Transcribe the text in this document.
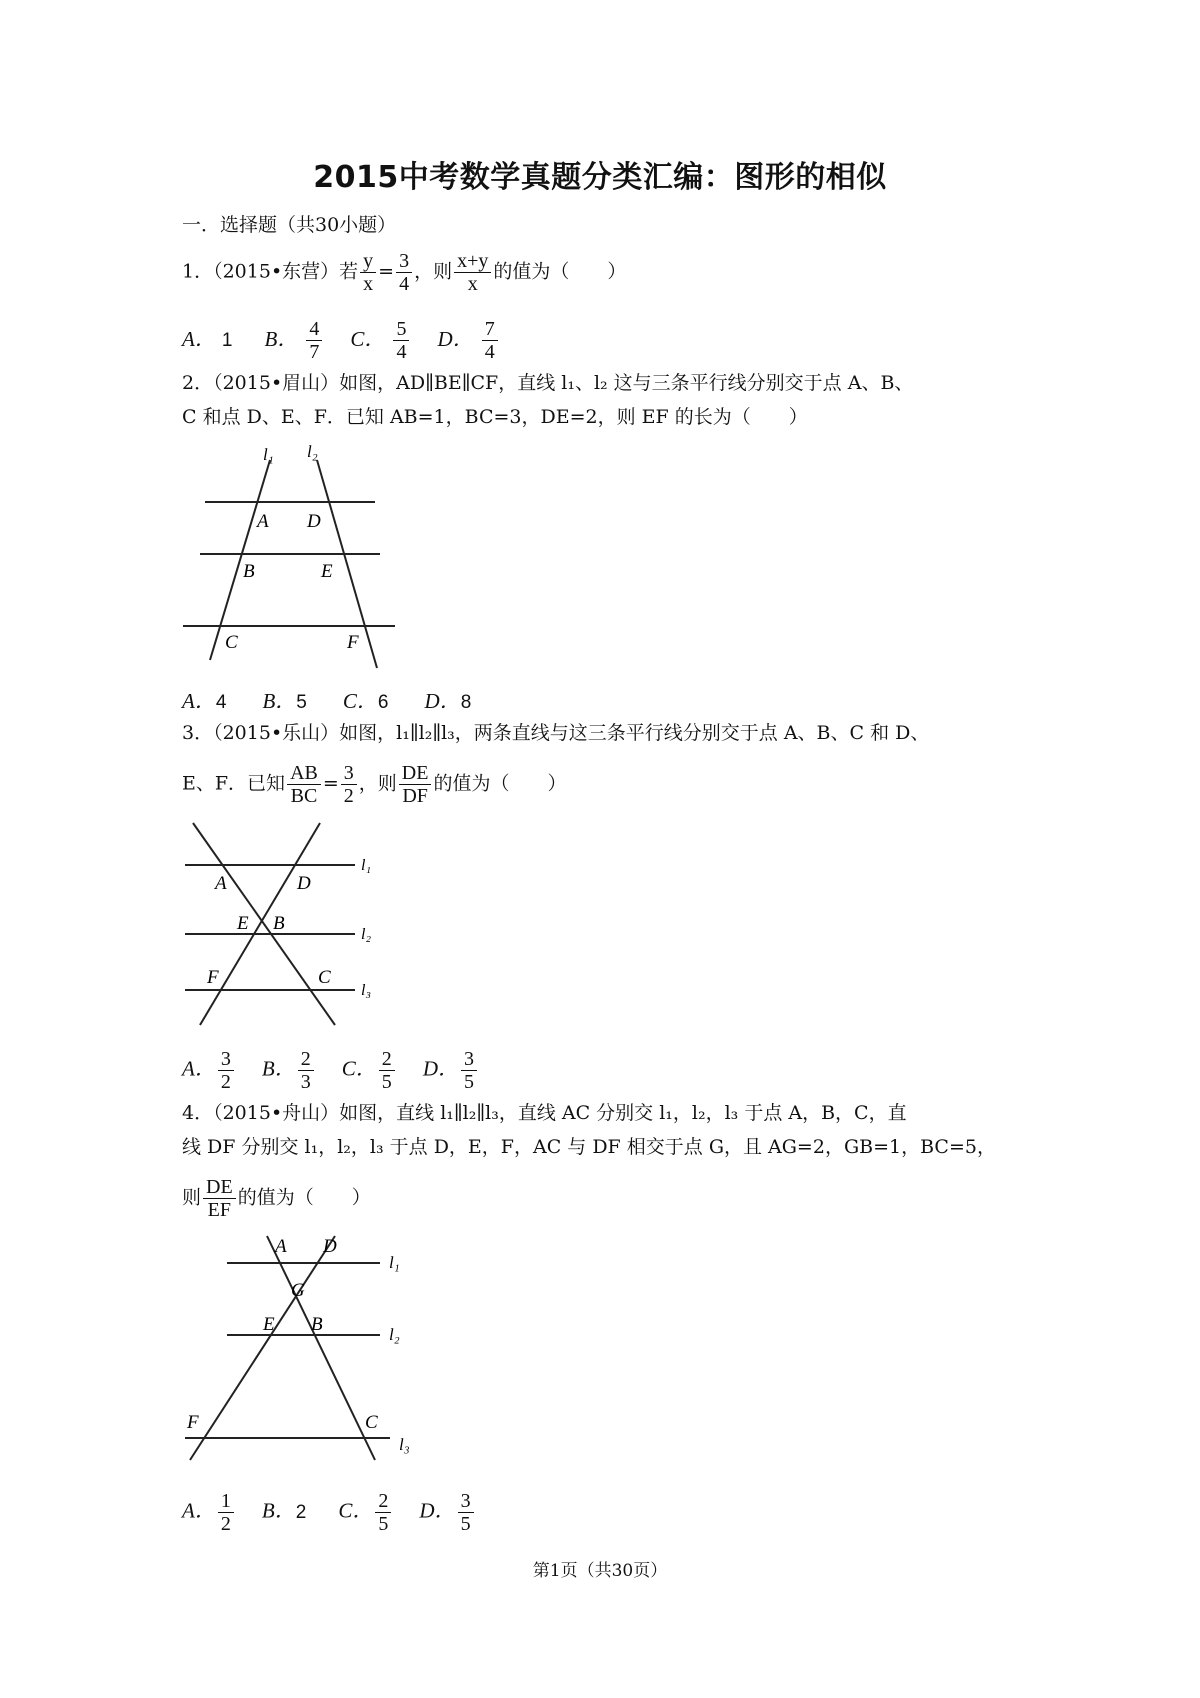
2015中考数学真题分类汇编：图形的相似
一．选择题（共30小题）
1．（2015•东营）若 $\frac{y}{x} = \frac{3}{4}$ ，则 $\frac{x+y}{x}$ 的值为（　　）
A． 1 B． $\frac{4}{7}$ C． $\frac{5}{4}$ D． $\frac{7}{4}$
2．（2015•眉山）如图，AD∥BE∥CF，直线 l₁、l₂ 这与三条平行线分别交于点 A、B、
C 和点 D、E、F．已知 AB=1，BC=3，DE=2，则 EF 的长为（　　）
l₁ l₂
A D
B	E
C	F
A．4 B．5 C．6 D．8
3．（2015•乐山）如图，l₁∥l₂∥l₃，两条直线与这三条平行线分别交于点 A、B、C 和 D、
E、F．已知 $\frac{AB}{BC} = \frac{3}{2}$ ，则 $\frac{DE}{DF}$ 的值为（　　）
A	D
E B
F	C
l₁
l₂
l₃
A． $\frac{3}{2}$ B． $\frac{2}{3}$ C． $\frac{2}{5}$ D． $\frac{3}{5}$
4．（2015•舟山）如图，直线 l₁∥l₂∥l₃，直线 AC 分别交 l₁，l₂，l₃ 于点 A，B，C，直
线 DF 分别交 l₁，l₂，l₃ 于点 D，E，F，AC 与 DF 相交于点 G，且 AG=2，GB=1，BC=5，
则 $\frac{DE}{EF}$ 的值为（　　）
A D
G
E B
F	C
l₁
l₂
l₃
A． $\frac{1}{2}$ B．2 C． $\frac{2}{5}$ D． $\frac{3}{5}$
第1页（共30页）
